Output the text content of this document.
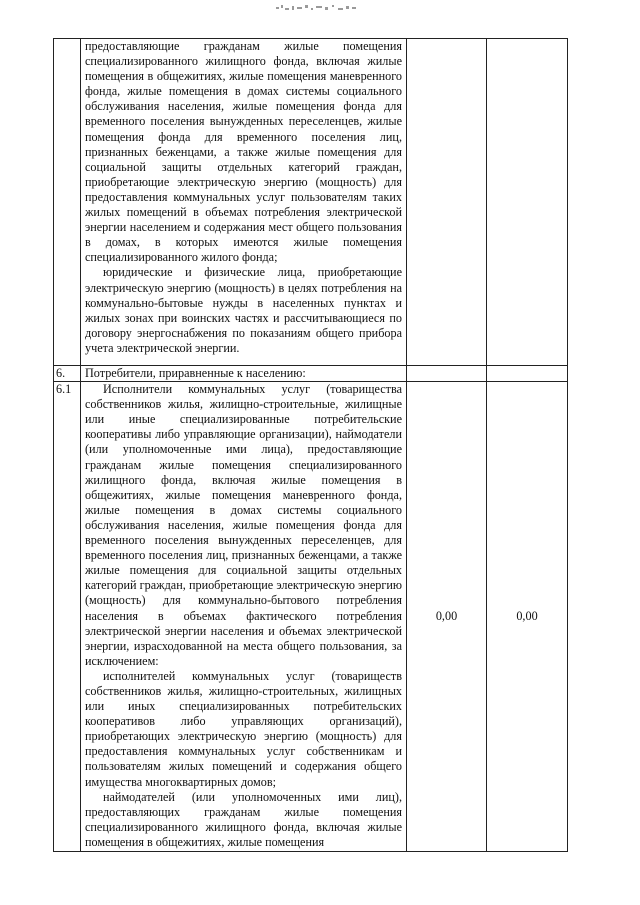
	предоставляющие гражданам жилые помещения специализированного жилищного фонда, включая жилые помещения в общежитиях, жилые помещения маневренного фонда, жилые помещения в домах системы социального обслуживания населения, жилые помещения фонда для временного поселения вынужденных переселенцев, жилые помещения фонда для временного поселения лиц, признанных беженцами, а также жилые помещения для социальной защиты отдельных категорий граждан, приобретающие электрическую энергию (мощность) для предоставления коммунальных услуг пользователям таких жилых помещений в объемах потребления электрической энергии населением и содержания мест общего пользования в домах, в которых имеются жилые помещения специализированного жилого фонда;

юридические и физические лица, приобретающие электрическую энергию (мощность) в целях потребления на коммунально-бытовые нужды в населенных пунктах и жилых зонах при воинских частях и рассчитывающиеся по договору энергоснабжения по показаниям общего прибора учета электрической энергии.		

6.	Потребители, приравненные к населению:		

6.1	Исполнители коммунальных услуг (товарищества собственников жилья, жилищно-строительные, жилищные или иные специализированные потребительские кооперативы либо управляющие организации), наймодатели (или уполномоченные ими лица), предоставляющие гражданам жилые помещения специализированного жилищного фонда, включая жилые помещения в общежитиях, жилые помещения маневренного фонда, жилые помещения в домах системы социального обслуживания населения, жилые помещения фонда для временного поселения вынужденных переселенцев, для временного поселения лиц, признанных беженцами, а также жилые помещения для социальной защиты отдельных категорий граждан, приобретающие электрическую энергию (мощность) для коммунально-бытового потребления населения в объемах фактического потребления электрической энергии населения и объемах электрической энергии, израсходованной на места общего пользования, за исключением:

исполнителей коммунальных услуг (товариществ собственников жилья, жилищно-строительных, жилищных или иных специализированных потребительских кооперативов либо управляющих организаций), приобретающих электрическую энергию (мощность) для предоставления коммунальных услуг собственникам и пользователям жилых помещений и содержания общего имущества многоквартирных домов;

наймодателей (или уполномоченных ими лиц), предоставляющих гражданам жилые помещения специализированного жилищного фонда, включая жилые помещения в общежитиях, жилые помещения	0,00	0,00
